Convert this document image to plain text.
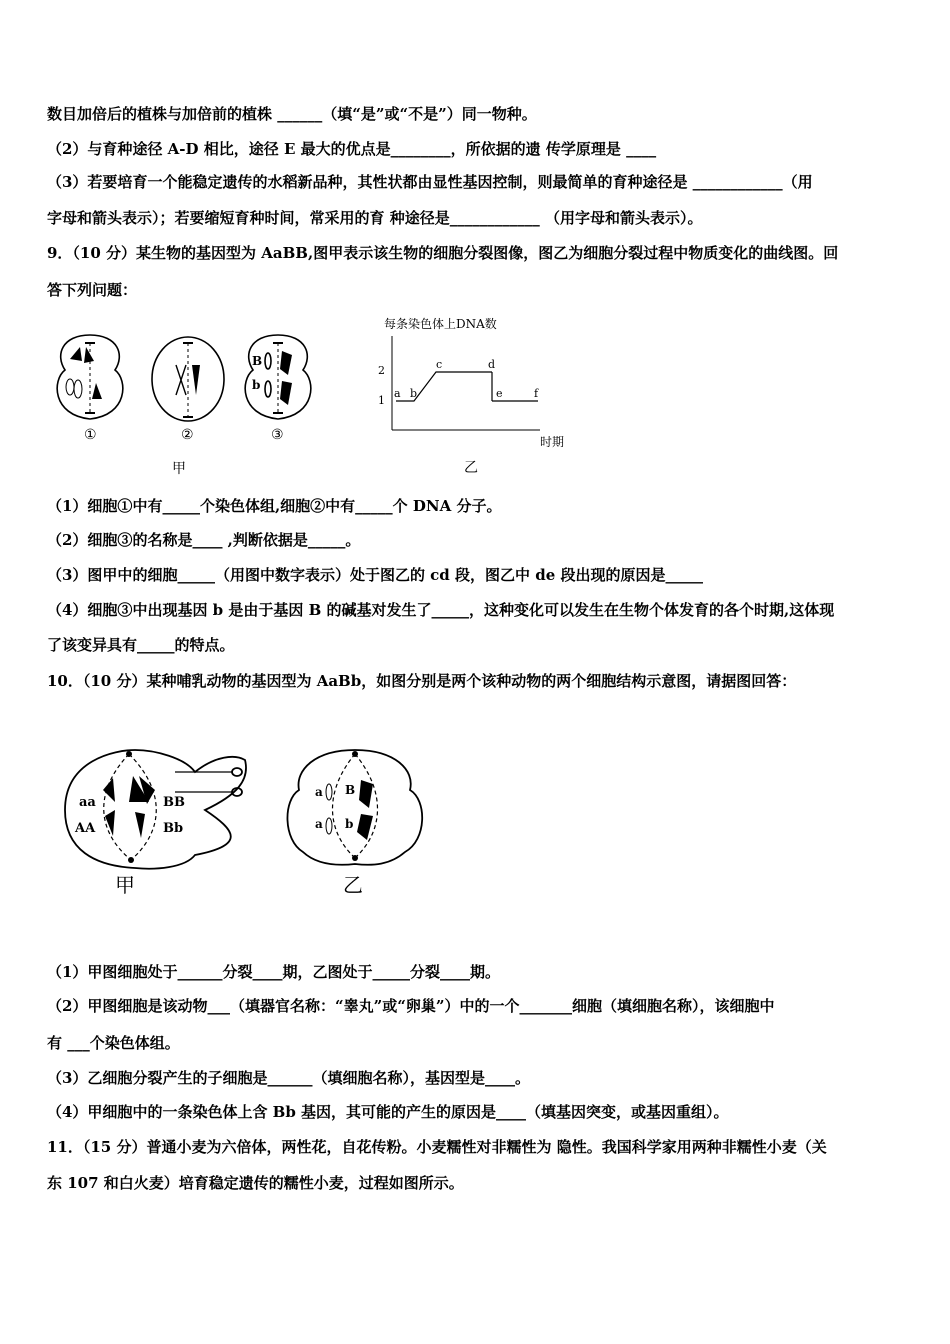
数目加倍后的植株与加倍前的植株 ______（填“是”或“不是”）同一物种。
（2）与育种途径 A-D 相比，途径 E 最大的优点是________，所依据的遗 传学原理是 ____
（3）若要培育一个能稳定遗传的水稻新品种，其性状都由显性基因控制，则最简单的育种途径是 ____________（用
字母和箭头表示）；若要缩短育种时间，常采用的育 种途径是____________ （用字母和箭头表示）。
9．（10 分）某生物的基因型为 AaBB,图甲表示该生物的细胞分裂图像，图乙为细胞分裂过程中物质变化的曲线图。回
答下列问题：
①	②
B
b
③
甲
每条染色体上DNA数
2
1
a b
c	d
e	f
时期
乙
（1）细胞①中有_____个染色体组,细胞②中有_____个 DNA 分子。
（2）细胞③的名称是____ ,判断依据是_____。
（3）图甲中的细胞_____（用图中数字表示）处于图乙的 cd 段，图乙中 de 段出现的原因是_____
（4）细胞③中出现基因 b 是由于基因 B 的碱基对发生了_____，这种变化可以发生在生物个体发育的各个时期,这体现
了该变异具有_____的特点。
10．（10 分）某种哺乳动物的基因型为 AaBb，如图分别是两个该种动物的两个细胞结构示意图，请据图回答：
aa	BB
AA	Bb
甲
a B
a b
乙
（1）甲图细胞处于______分裂____期，乙图处于_____分裂____期。
（2）甲图细胞是该动物___（填器官名称：“睾丸”或“卵巢”）中的一个_______细胞（填细胞名称），该细胞中
有 ___个染色体组。
（3）乙细胞分裂产生的子细胞是______（填细胞名称），基因型是____。
（4）甲细胞中的一条染色体上含 Bb 基因，其可能的产生的原因是____（填基因突变，或基因重组）。
11．（15 分）普通小麦为六倍体，两性花，自花传粉。小麦糯性对非糯性为 隐性。我国科学家用两种非糯性小麦（关
东 107 和白火麦）培育稳定遗传的糯性小麦，过程如图所示。
